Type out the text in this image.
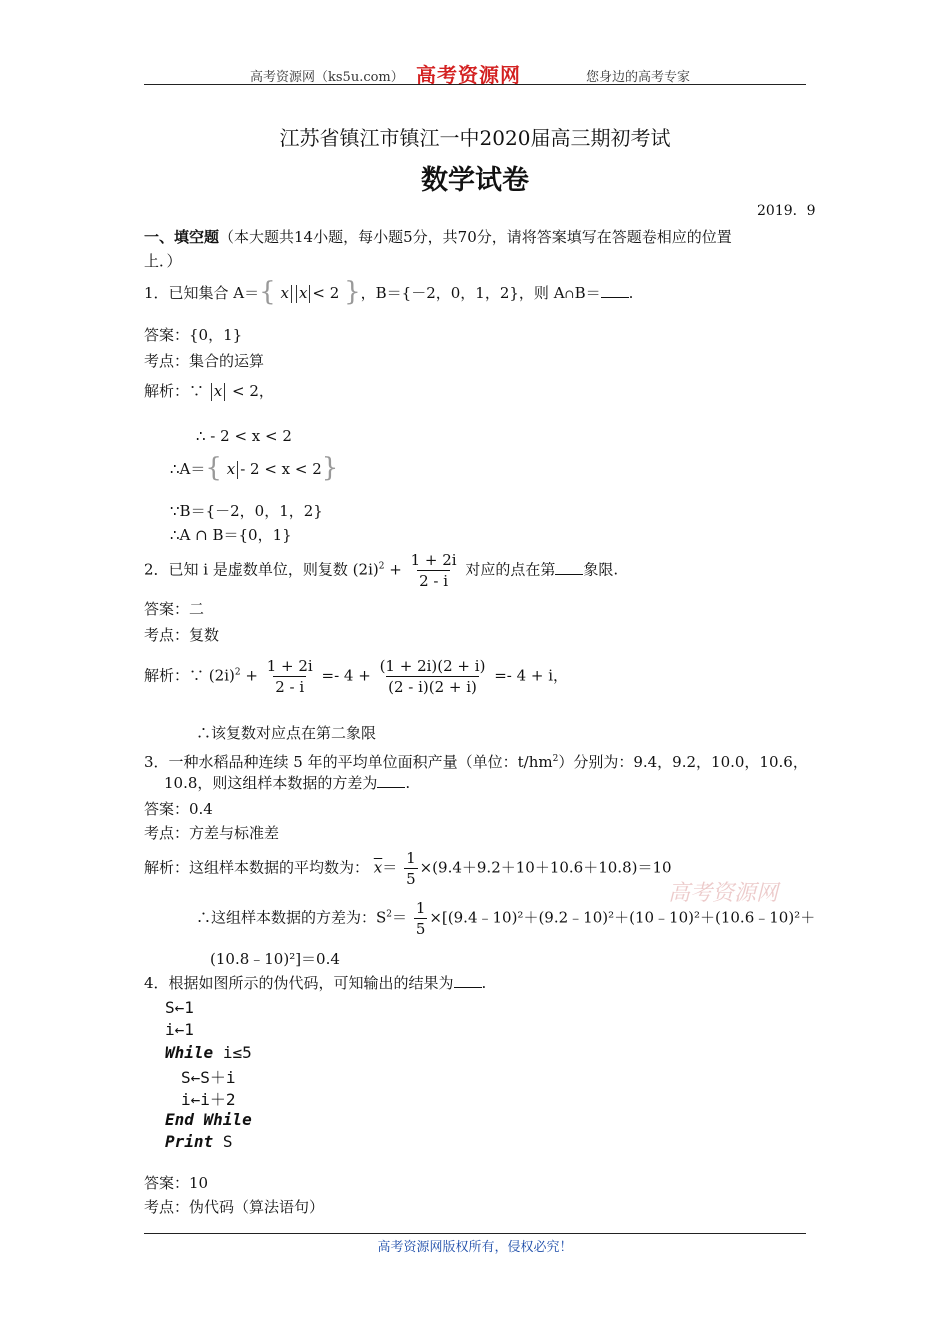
高考资源网（ks5u.com） 高考资源网	您身边的高考专家
江苏省镇江市镇江一中2020届高三期初考试
数学试卷
2019．9
一、填空题（本大题共14小题，每小题5分，共70分，请将答案填写在答题卷相应的位置
上．）
1．已知集合 A＝{ x x < 2 }，B＝{－2，0，1，2}，则 A∩B＝ .
答案：{0，1}
考点：集合的运算
解析：∵ x < 2，
∴ - 2 < x < 2
∴A＝{ x - 2 < x < 2}
∵B＝{－2，0，1，2}
∴A ∩ B＝{0，1}
2．已知 i 是虚数单位，则复数 $(2i)^2 + \frac{1 + 2i}{2 - i}$ 对应的点在第 象限.
答案：二
考点：复数
解析：∵ $(2i)^2 + \frac{1 + 2i}{2 - i} =- 4 + \frac{(1 + 2i)(2 + i)}{(2 - i)(2 + i)} =- 4 + i$，
∴该复数对应点在第二象限
3．一种水稻品种连续 5 年的平均单位面积产量（单位：$t/hm^2$）分别为：9.4，9.2，10.0，10.6，
10.8，则这组样本数据的方差为 .
答案：0.4
考点：方差与标准差
解析：这组样本数据的平均数为： $\overline{x}= \frac{1}{5} \times(9.4+9.2+10+10.6+10.8)=10$
∴这组样本数据的方差为：$S^2= \frac{1}{5}$ ×[(9.4﹣10)²＋(9.2﹣10)²＋(10﹣10)²＋(10.6﹣10)²＋
(10.8﹣10)²]＝0.4
4．根据如图所示的伪代码，可知输出的结果为 .
S←1
i←1
While i≤5
S←S＋i
i←i＋2
End While
Print S
答案：10
考点：伪代码（算法语句）
高考资源网
高考资源网版权所有，侵权必究！
